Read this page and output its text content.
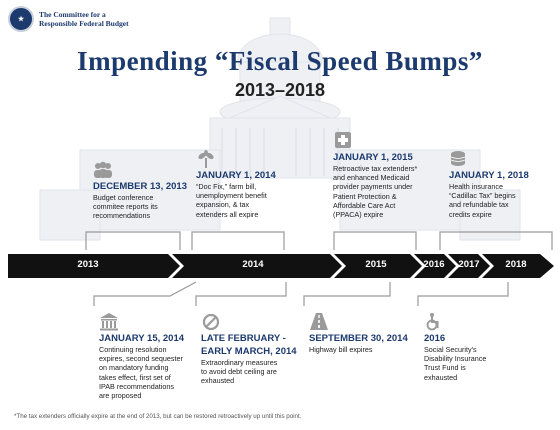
★	The Committee for a
Responsible Federal Budget
Impending “Fiscal Speed Bumps”
2013–2018
2013	2014	2015	2016	2017	2018
DECEMBER 13, 2013
Budget conference
commitee reports its
recommendations
JANUARY 1, 2014
“Doc Fix,” farm bill,
unemployment benefit
expansion, & tax
extenders all expire
JANUARY 1, 2015
Retroactive tax extenders*
and enhanced Medicaid
provider payments under
Patient Protection &
Affordable Care Act
(PPACA) expire
JANUARY 1, 2018
Health insurance
“Cadillac Tax” begins
and refundable tax
credits expire
JANUARY 15, 2014
Continuing resolution
expires, second sequester
on mandatory funding
takes effect, first set of
IPAB recommendations
are proposed
LATE FEBRUARY -
EARLY MARCH, 2014
Extraordinary measures
to avoid debt ceiling are
exhausted
SEPTEMBER 30, 2014
Highway bill expires
2016
Social Security’s
Disability Insurance
Trust Fund is
exhausted
*The tax extenders officially expire at the end of 2013, but can be restored retroactively up until this point.
